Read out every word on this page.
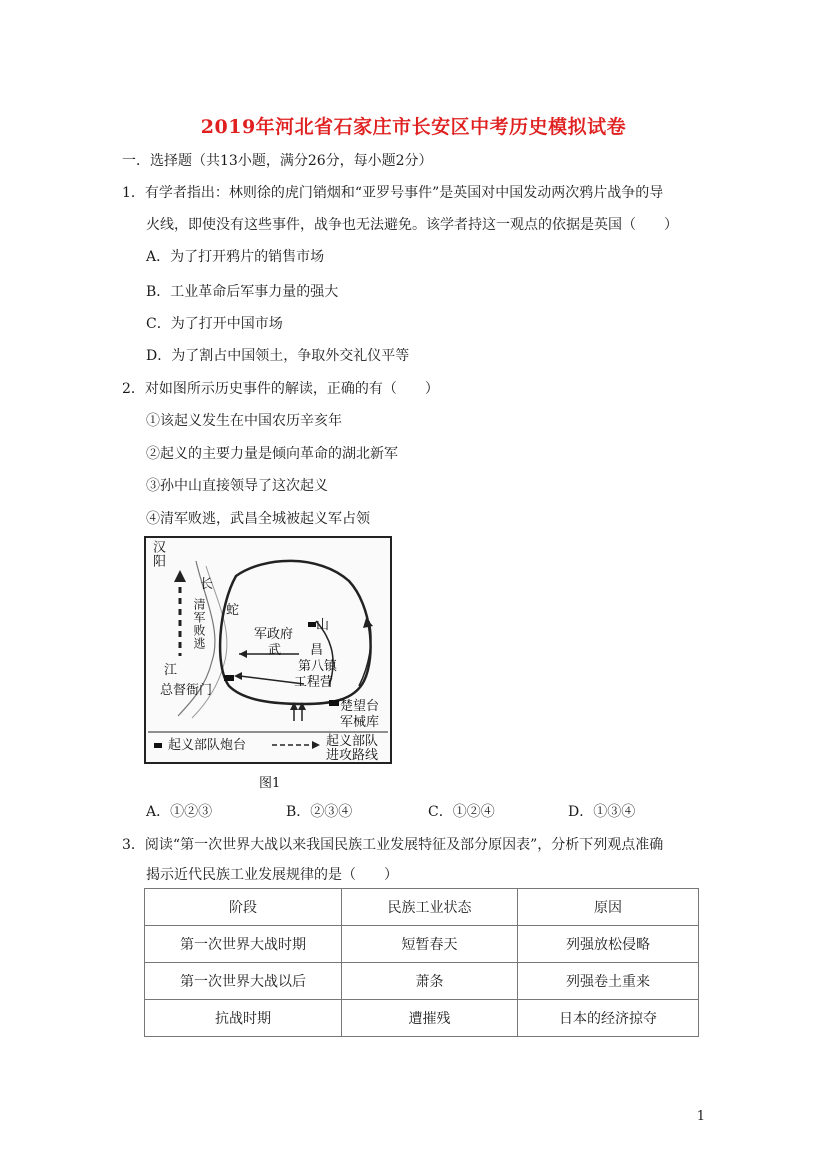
2019年河北省石家庄市长安区中考历史模拟试卷
一．选择题（共13小题，满分26分，每小题2分）
1．有学者指出：林则徐的虎门销烟和“亚罗号事件”是英国对中国发动两次鸦片战争的导
火线，即使没有这些事件，战争也无法避免。该学者持这一观点的依据是英国（　　）
A．为了打开鸦片的销售市场
B．工业革命后军事力量的强大
C．为了打开中国市场
D．为了割占中国领土，争取外交礼仪平等
2．对如图所示历史事件的解读，正确的有（　　）
①该起义发生在中国农历辛亥年
②起义的主要力量是倾向革命的湖北新军
③孙中山直接领导了这次起义
④清军败逃，武昌全城被起义军占领
汉阳
长
清军败逃
江
蛇
山
军政府
武 昌
第八镇
工程营
总督衙门
楚望台
军械库
起义部队炮台	起义部队
进攻路线
图1
A．①②③	B．②③④	C．①②④	D．①③④
3．阅读“第一次世界大战以来我国民族工业发展特征及部分原因表”，分析下列观点准确
揭示近代民族工业发展规律的是（　　）
阶段	民族工业状态	原因
第一次世界大战时期	短暂春天	列强放松侵略
第一次世界大战以后	萧条	列强卷土重来
抗战时期	遭摧残	日本的经济掠夺
1
